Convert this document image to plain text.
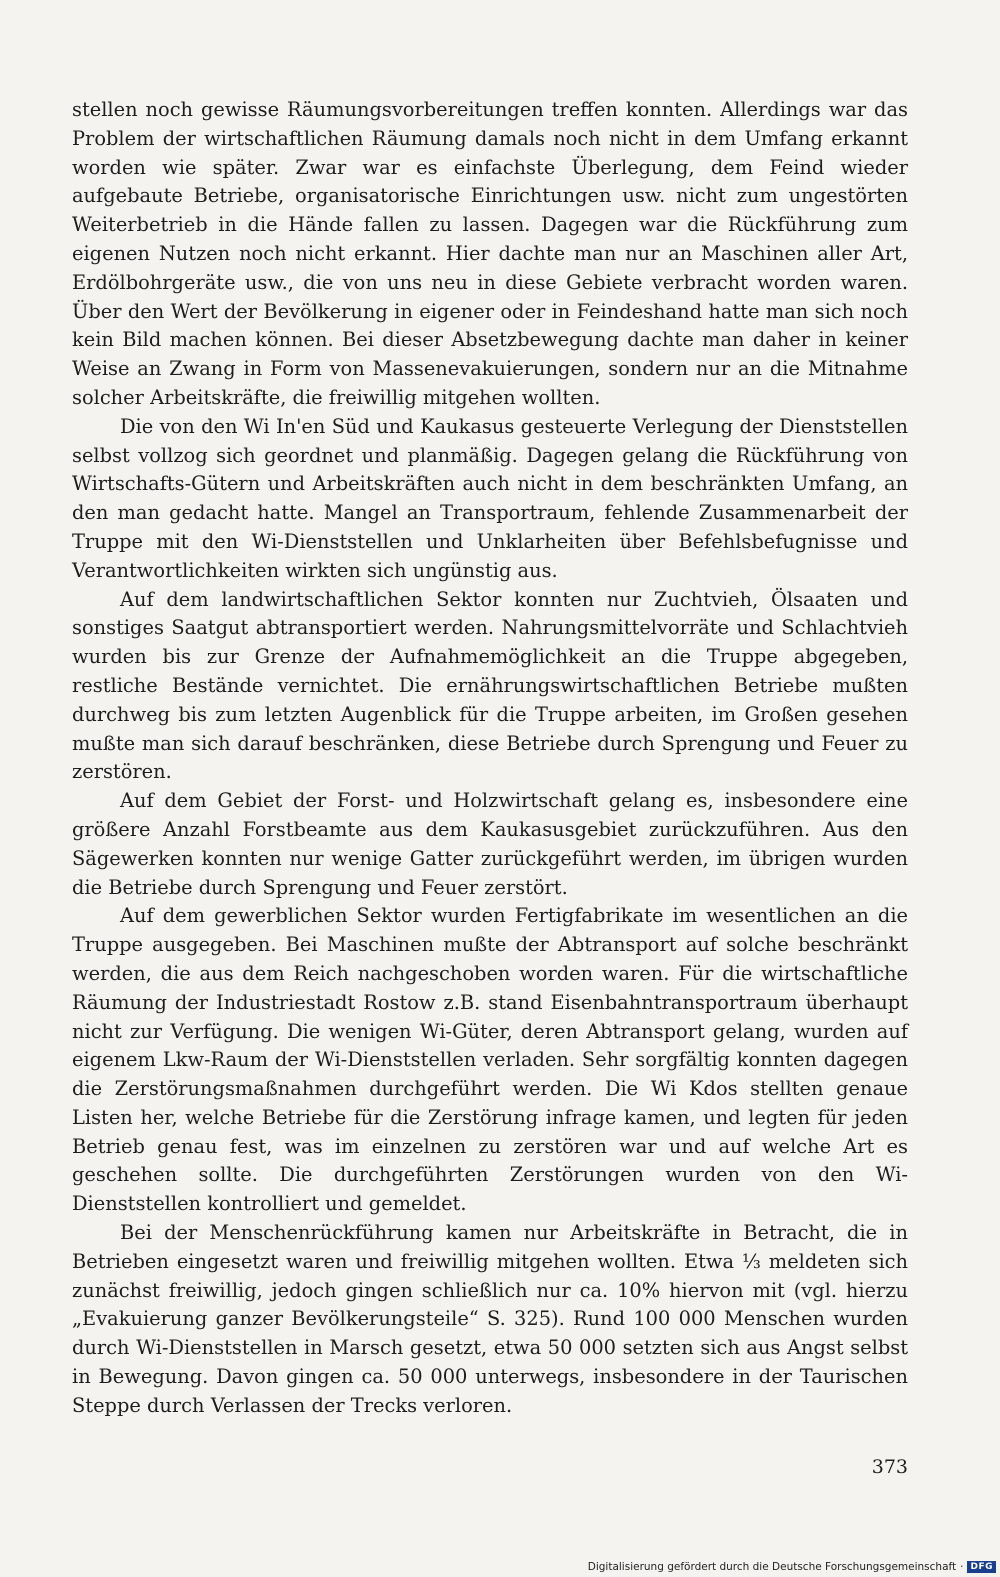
stellen noch gewisse Räumungsvorbereitungen treffen konnten. Allerdings war das Problem der wirtschaftlichen Räumung damals noch nicht in dem Umfang erkannt worden wie später. Zwar war es einfachste Überlegung, dem Feind wieder aufgebaute Betriebe, organisatorische Einrichtungen usw. nicht zum ungestörten Weiterbetrieb in die Hände fallen zu lassen. Dagegen war die Rückführung zum eigenen Nutzen noch nicht erkannt. Hier dachte man nur an Maschinen aller Art, Erdölbohrgeräte usw., die von uns neu in diese Gebiete verbracht worden waren. Über den Wert der Bevölkerung in eigener oder in Feindeshand hatte man sich noch kein Bild machen können. Bei dieser Absetzbewegung dachte man daher in keiner Weise an Zwang in Form von Massenevakuierungen, sondern nur an die Mitnahme solcher Arbeitskräfte, die freiwillig mitgehen wollten.

Die von den Wi In'en Süd und Kaukasus gesteuerte Verlegung der Dienststellen selbst vollzog sich geordnet und planmäßig. Dagegen gelang die Rückführung von Wirtschafts-Gütern und Arbeitskräften auch nicht in dem beschränkten Umfang, an den man gedacht hatte. Mangel an Transportraum, fehlende Zusammenarbeit der Truppe mit den Wi-Dienststellen und Unklarheiten über Befehlsbefugnisse und Verantwortlichkeiten wirkten sich ungünstig aus.

Auf dem landwirtschaftlichen Sektor konnten nur Zuchtvieh, Ölsaaten und sonstiges Saatgut abtransportiert werden. Nahrungsmittelvorräte und Schlachtvieh wurden bis zur Grenze der Aufnahmemöglichkeit an die Truppe abgegeben, restliche Bestände vernichtet. Die ernährungswirtschaftlichen Betriebe mußten durchweg bis zum letzten Augenblick für die Truppe arbeiten, im Großen gesehen mußte man sich darauf beschränken, diese Betriebe durch Sprengung und Feuer zu zerstören.

Auf dem Gebiet der Forst- und Holzwirtschaft gelang es, insbesondere eine größere Anzahl Forstbeamte aus dem Kaukasusgebiet zurückzuführen. Aus den Sägewerken konnten nur wenige Gatter zurückgeführt werden, im übrigen wurden die Betriebe durch Sprengung und Feuer zerstört.

Auf dem gewerblichen Sektor wurden Fertigfabrikate im wesentlichen an die Truppe ausgegeben. Bei Maschinen mußte der Abtransport auf solche beschränkt werden, die aus dem Reich nachgeschoben worden waren. Für die wirtschaftliche Räumung der Industriestadt Rostow z.B. stand Eisenbahntransportraum überhaupt nicht zur Verfügung. Die wenigen Wi-Güter, deren Abtransport gelang, wurden auf eigenem Lkw-Raum der Wi-Dienststellen verladen. Sehr sorgfältig konnten dagegen die Zerstörungsmaßnahmen durchgeführt werden. Die Wi Kdos stellten genaue Listen her, welche Betriebe für die Zerstörung infrage kamen, und legten für jeden Betrieb genau fest, was im einzelnen zu zerstören war und auf welche Art es geschehen sollte. Die durchgeführten Zerstörungen wurden von den Wi-Dienststellen kontrolliert und gemeldet.

Bei der Menschenrückführung kamen nur Arbeitskräfte in Betracht, die in Betrieben eingesetzt waren und freiwillig mitgehen wollten. Etwa ⅓ meldeten sich zunächst freiwillig, jedoch gingen schließlich nur ca. 10% hiervon mit (vgl. hierzu „Evakuierung ganzer Bevölkerungsteile“ S. 325). Rund 100 000 Menschen wurden durch Wi-Dienststellen in Marsch gesetzt, etwa 50 000 setzten sich aus Angst selbst in Bewegung. Davon gingen ca. 50 000 unterwegs, insbesondere in der Taurischen Steppe durch Verlassen der Trecks verloren.

373
Digitalisierung gefördert durch die Deutsche Forschungsgemeinschaft · DFG
